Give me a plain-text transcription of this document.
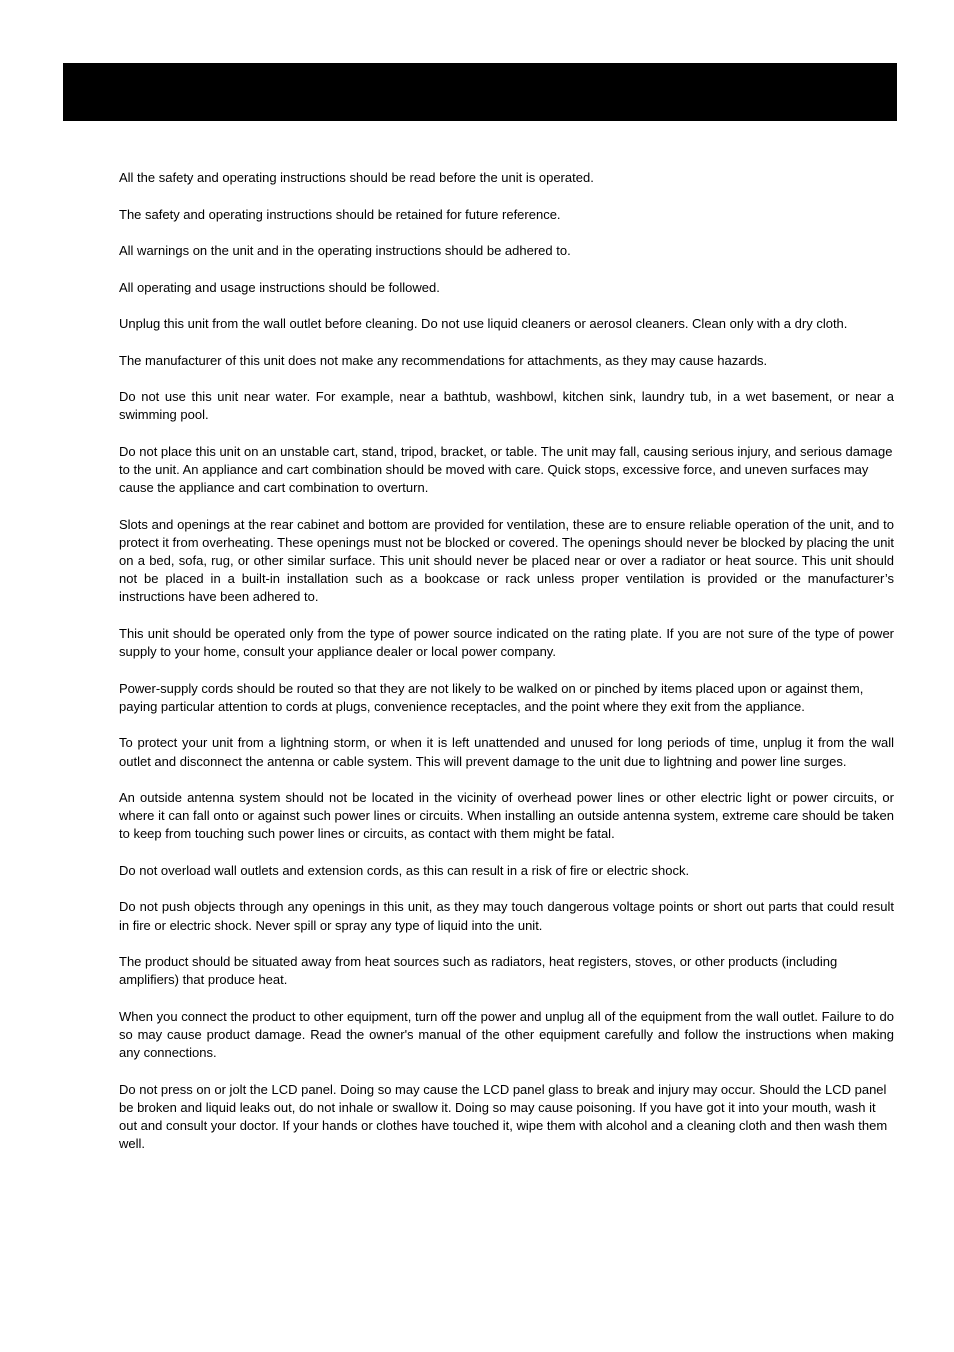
All the safety and operating instructions should be read before the unit is operated.

The safety and operating instructions should be retained for future reference.

All warnings on the unit and in the operating instructions should be adhered to.

All operating and usage instructions should be followed.

Unplug this unit from the wall outlet before cleaning. Do not use liquid cleaners or aerosol cleaners. Clean only with a dry cloth.

The manufacturer of this unit does not make any recommendations for attachments, as they may cause hazards.

Do not use this unit near water. For example, near a bathtub, washbowl, kitchen sink, laundry tub, in a wet basement, or near a swimming pool.

Do not place this unit on an unstable cart, stand, tripod, bracket, or table. The unit may fall, causing serious injury, and serious damage to the unit. An appliance and cart combination should be moved with care. Quick stops, excessive force, and uneven surfaces may cause the appliance and cart combination to overturn.

Slots and openings at the rear cabinet and bottom are provided for ventilation, these are to ensure reliable operation of the unit, and to protect it from overheating. These openings must not be blocked or covered. The openings should never be blocked by placing the unit on a bed, sofa, rug, or other similar surface. This unit should never be placed near or over a radiator or heat source. This unit should not be placed in a built-in installation such as a bookcase or rack unless proper ventilation is provided or the manufacturer’s instructions have been adhered to.

This unit should be operated only from the type of power source indicated on the rating plate. If you are not sure of the type of power supply to your home, consult your appliance dealer or local power company.

Power-supply cords should be routed so that they are not likely to be walked on or pinched by items placed upon or against them, paying particular attention to cords at plugs, convenience receptacles, and the point where they exit from the appliance.

To protect your unit from a lightning storm, or when it is left unattended and unused for long periods of time, unplug it from the wall outlet and disconnect the antenna or cable system. This will prevent damage to the unit due to lightning and power line surges.

An outside antenna system should not be located in the vicinity of overhead power lines or other electric light or power circuits, or where it can fall onto or against such power lines or circuits. When installing an outside antenna system, extreme care should be taken to keep from touching such power lines or circuits, as contact with them might be fatal.

Do not overload wall outlets and extension cords, as this can result in a risk of fire or electric shock.

Do not push objects through any openings in this unit, as they may touch dangerous voltage points or short out parts that could result in fire or electric shock. Never spill or spray any type of liquid into the unit.

The product should be situated away from heat sources such as radiators, heat registers, stoves, or other products (including amplifiers) that produce heat.

When you connect the product to other equipment, turn off the power and unplug all of the equipment from the wall outlet. Failure to do so may cause product damage. Read the owner's manual of the other equipment carefully and follow the instructions when making any connections.

Do not press on or jolt the LCD panel. Doing so may cause the LCD panel glass to break and injury may occur. Should the LCD panel be broken and liquid leaks out, do not inhale or swallow it. Doing so may cause poisoning. If you have got it into your mouth, wash it out and consult your doctor. If your hands or clothes have touched it, wipe them with alcohol and a cleaning cloth and then wash them well.
